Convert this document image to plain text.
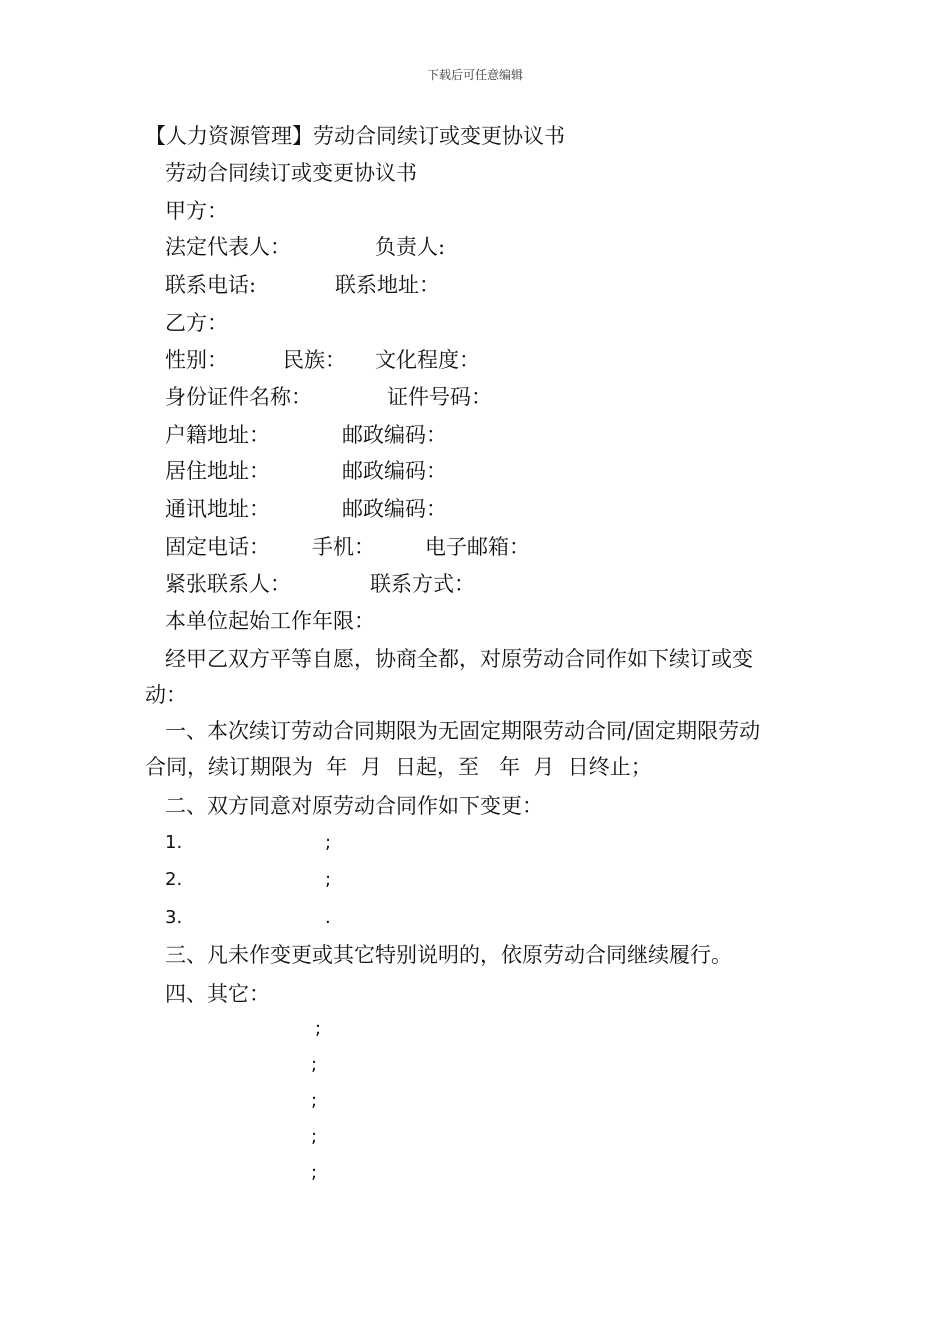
下载后可任意编辑
【人力资源管理】劳动合同续订或变更协议书
劳动合同续订或变更协议书
甲方：
法定代表人：	负责人:
联系电话:	联系地址：
乙方：
性别：	民族： 文化程度：
身份证件名称：	证件号码：
户籍地址：	邮政编码：
居住地址：	邮政编码：
通讯地址：	邮政编码：
固定电话： 手机： 电子邮箱：
紧张联系人：	联系方式：
本单位起始工作年限：
经甲乙双方平等自愿，协商全都，对原劳动合同作如下续订或变
动：
一、本次续订劳动合同期限为无固定期限劳动合同/固定期限劳动
合同，续订期限为  年  月  日起，至   年  月  日终止；
二、双方同意对原劳动合同作如下变更：
1.	;
2.	;
3.	.
三、凡未作变更或其它特别说明的，依原劳动合同继续履行。
四、其它：
;
;
;
;
;
